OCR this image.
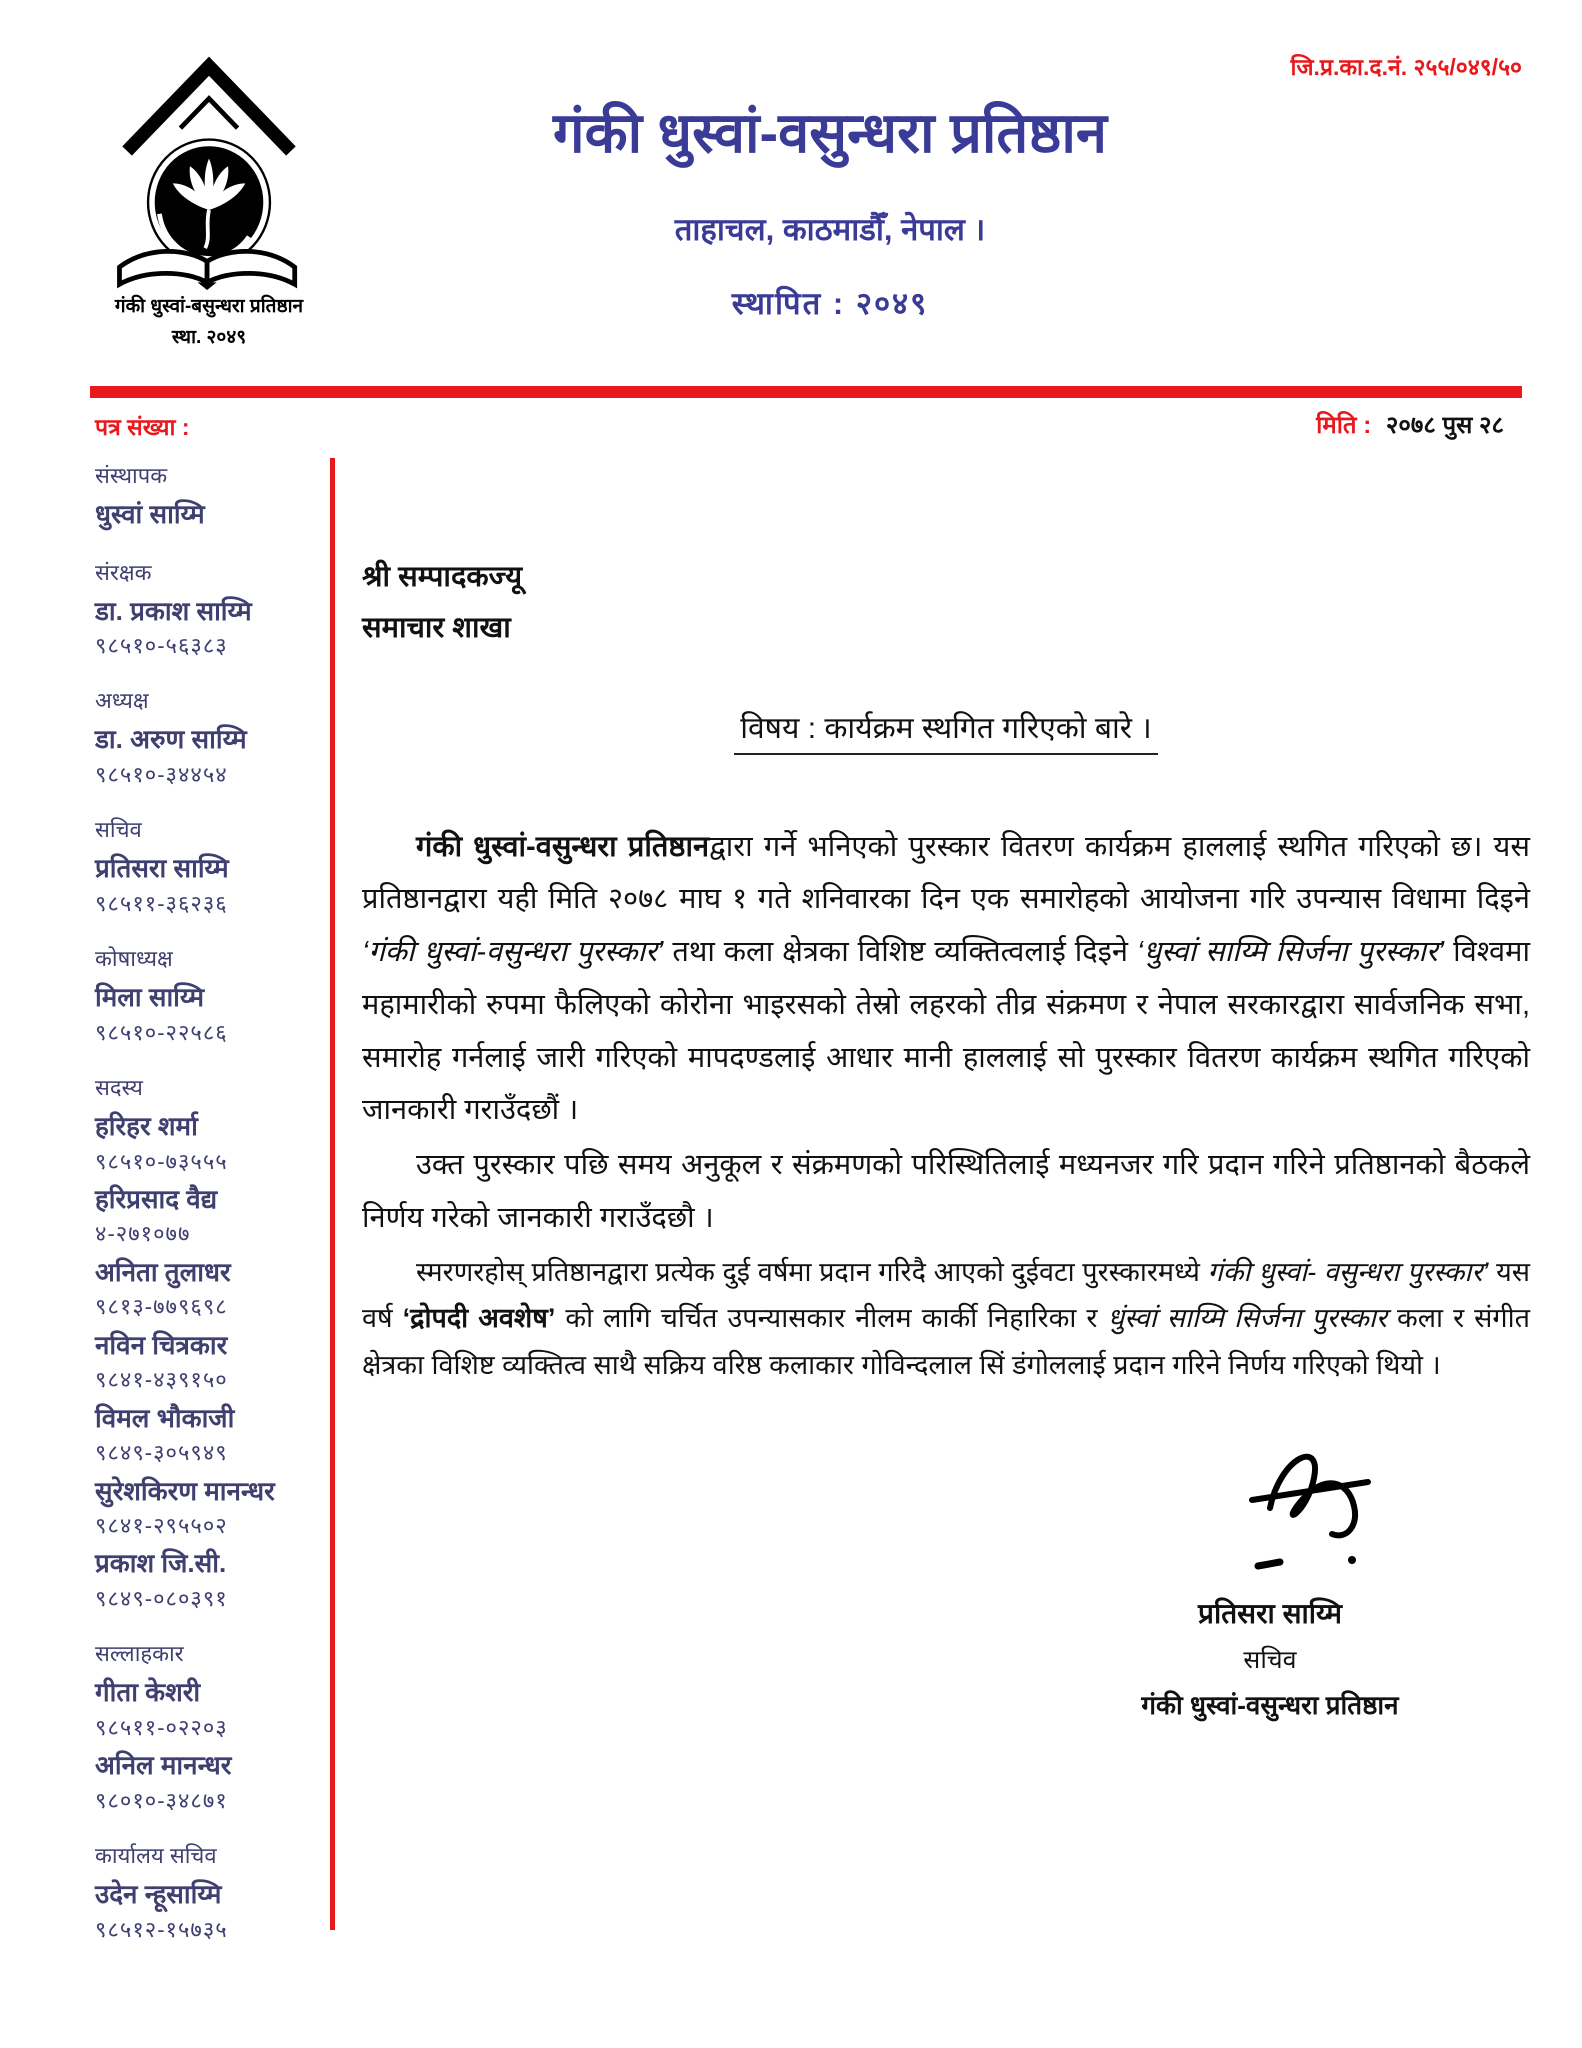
जि.प्र.का.द.नं. २५५/०४९/५०
गंकी धुस्वां-बसुन्धरा प्रतिष्ठान
स्था. २०४९
गंकी धुस्वां-वसुन्धरा प्रतिष्ठान
ताहाचल, काठमाडौँ, नेपाल ।
स्थापित : २०४९
पत्र संख्या :	मिति : २०७८ पुस २८
संस्थापक
धुस्वां साय्मि
संरक्षक
डा. प्रकाश साय्मि
९८५१०-५६३८३
अध्यक्ष
डा. अरुण साय्मि
९८५१०-३४४५४
सचिव
प्रतिसरा साय्मि
९८५११-३६२३६
कोषाध्यक्ष
मिला साय्मि
९८५१०-२२५८६
सदस्य
हरिहर शर्मा
९८५१०-७३५५५
हरिप्रसाद वैद्य
४-२७१०७७
अनिता तुलाधर
९८१३-७७९६९८
नविन चित्रकार
९८४१-४३९१५०
विमल भौकाजी
९८४९-३०५९४९
सुरेशकिरण मानन्धर
९८४१-२९५५०२
प्रकाश जि.सी.
९८४९-०८०३९१
सल्लाहकार
गीता केशरी
९८५११-०२२०३
अनिल मानन्धर
९८०१०-३४८७१
कार्यालय सचिव
उदेन न्हूसाय्मि
९८५१२-१५७३५
श्री सम्पादकज्यू
समाचार शाखा
विषय : कार्यक्रम स्थगित गरिएको बारे ।

गंकी धुस्वां-वसुन्धरा प्रतिष्ठानद्वारा गर्ने भनिएको पुरस्कार वितरण कार्यक्रम हाललाई स्थगित गरिएको छ। यस प्रतिष्ठानद्वारा यही मिति २०७८ माघ १ गते शनिवारका दिन एक समारोहको आयोजना गरि उपन्यास विधामा दिइने ‘गंकी धुस्वां-वसुन्धरा पुरस्कार’ तथा कला क्षेत्रका विशिष्ट व्यक्तित्वलाई दिइने ‘धुस्वां साय्मि सिर्जना पुरस्कार’ विश्वमा महामारीको रुपमा फैलिएको कोरोना भाइरसको तेस्रो लहरको तीव्र संक्रमण र नेपाल सरकारद्वारा सार्वजनिक सभा, समारोह गर्नलाई जारी गरिएको मापदण्डलाई आधार मानी हाललाई सो पुरस्कार वितरण कार्यक्रम स्थगित गरिएको जानकारी गराउँदछौं ।

उक्त पुरस्कार पछि समय अनुकूल र संक्रमणको परिस्थितिलाई मध्यनजर गरि प्रदान गरिने प्रतिष्ठानको बैठकले निर्णय गरेको जानकारी गराउँदछौ ।

स्मरणरहोस् प्रतिष्ठानद्वारा प्रत्येक दुई वर्षमा प्रदान गरिदै आएको दुईवटा पुरस्कारमध्ये गंकी धुस्वां- वसुन्धरा पुरस्कार’ यस वर्ष ‘द्रोपदी अवशेष’ को लागि चर्चित उपन्यासकार नीलम कार्की निहारिका र धुंस्वां साय्मि सिर्जना पुरस्कार कला र संगीत क्षेत्रका विशिष्ट व्यक्तित्व साथै सक्रिय वरिष्ठ कलाकार गोविन्दलाल सिं डंगोललाई प्रदान गरिने निर्णय गरिएको थियो ।

प्रतिसरा साय्मि
सचिव
गंकी धुस्वां-वसुन्धरा प्रतिष्ठान
